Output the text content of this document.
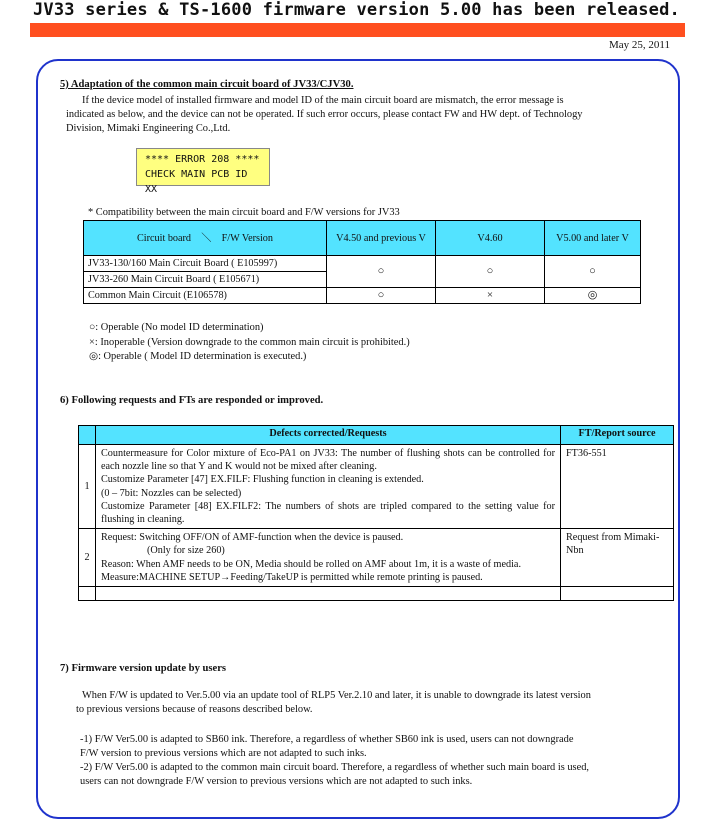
JV33 series & TS-1600 firmware version 5.00 has been released.
May 25, 2011
5) Adaptation of the common main circuit board of JV33/CJV30.
If the device model of installed firmware and model ID of the main circuit board are mismatch, the error message is
indicated as below, and the device can not be operated. If such error occurs, please contact FW and HW dept. of Technology
Division, Mimaki Engineering Co.,Ltd.
**** ERROR 208 ****
CHECK MAIN PCB ID XX
* Compatibility between the main circuit board and F/W versions for JV33
Circuit board　＼　F/W Version	V4.50 and previous V	V4.60	V5.00 and later V
JV33-130/160 Main Circuit Board ( E105997)	○	○	○
JV33-260 Main Circuit Board ( E105671)			
Common Main Circuit (E106578)	○	×	◎
○: Operable (No model ID determination)
×: Inoperable (Version downgrade to the common main circuit is prohibited.)
◎: Operable ( Model ID determination is executed.)
6) Following requests and FTs are responded or improved.
	Defects corrected/Requests	FT/Report source
1	Countermeasure for Color mixture of Eco-PA1 on JV33: The number of flushing shots can be controlled for each nozzle line so that Y and K would not be mixed after cleaning.
Customize Parameter [47] EX.FILF: Flushing function in cleaning is extended.
(0 – 7bit: Nozzles can be selected)
Customize Parameter [48] EX.FILF2: The numbers of shots are tripled compared to the setting value for flushing in cleaning.	FT36-551
2	Request: Switching OFF/ON of AMF-function when the device is paused.
(Only for size 260)
Reason: When AMF needs to be ON, Media should be rolled on AMF about 1m, it is a waste of media.
Measure:MACHINE SETUP→Feeding/TakeUP is permitted while remote printing is paused.	Request from Mimaki-Nbn

7) Firmware version update by users
When F/W is updated to Ver.5.00 via an update tool of RLP5 Ver.2.10 and later, it is unable to downgrade its latest version
to previous versions because of reasons described below.
-1) F/W Ver5.00 is adapted to SB60 ink. Therefore, a regardless of whether SB60 ink is used, users can not downgrade
F/W version to previous versions which are not adapted to such inks.
-2) F/W Ver5.00 is adapted to the common main circuit board. Therefore, a regardless of whether such main board is used,
users can not downgrade F/W version to previous versions which are not adapted to such inks.
